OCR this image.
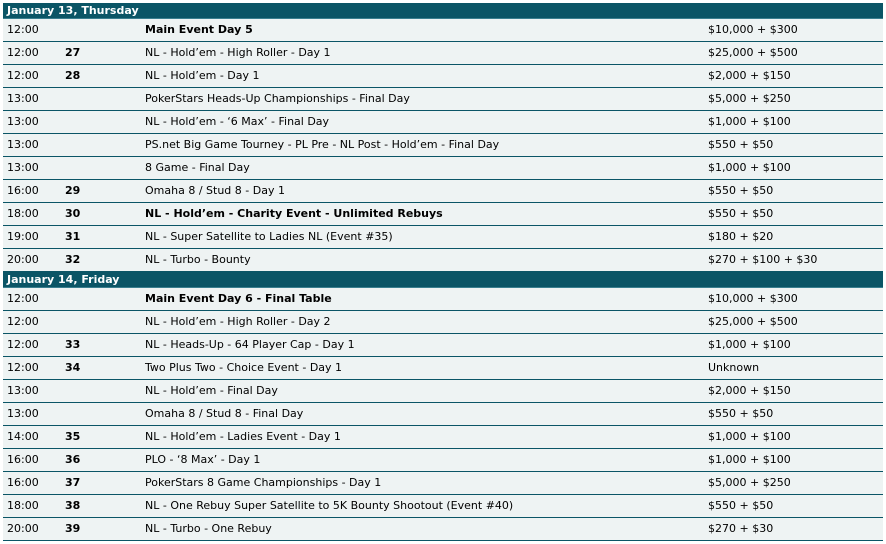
January 13, Thursday
12:00	Main Event Day 5	$10,000 + $300
12:00 27	NL - Hold’em - High Roller - Day 1	$25,000 + $500
12:00 28	NL - Hold’em - Day 1	$2,000 + $150
13:00	PokerStars Heads-Up Championships - Final Day	$5,000 + $250
13:00	NL - Hold’em - ‘6 Max’ - Final Day	$1,000 + $100
13:00	PS.net Big Game Tourney - PL Pre - NL Post - Hold’em - Final Day	$550 + $50
13:00	8 Game - Final Day	$1,000 + $100
16:00 29	Omaha 8 / Stud 8 - Day 1	$550 + $50
18:00 30	NL - Hold’em - Charity Event - Unlimited Rebuys	$550 + $50
19:00 31	NL - Super Satellite to Ladies NL (Event #35)	$180 + $20
20:00 32	NL - Turbo - Bounty	$270 + $100 + $30
January 14, Friday
12:00	Main Event Day 6 - Final Table	$10,000 + $300
12:00	NL - Hold’em - High Roller - Day 2	$25,000 + $500
12:00 33	NL - Heads-Up - 64 Player Cap - Day 1	$1,000 + $100
12:00 34	Two Plus Two - Choice Event - Day 1	Unknown
13:00	NL - Hold’em - Final Day	$2,000 + $150
13:00	Omaha 8 / Stud 8 - Final Day	$550 + $50
14:00 35	NL - Hold’em - Ladies Event - Day 1	$1,000 + $100
16:00 36	PLO - ‘8 Max’ - Day 1	$1,000 + $100
16:00 37	PokerStars 8 Game Championships - Day 1	$5,000 + $250
18:00 38	NL - One Rebuy Super Satellite to 5K Bounty Shootout (Event #40)	$550 + $50
20:00 39	NL - Turbo - One Rebuy	$270 + $30
